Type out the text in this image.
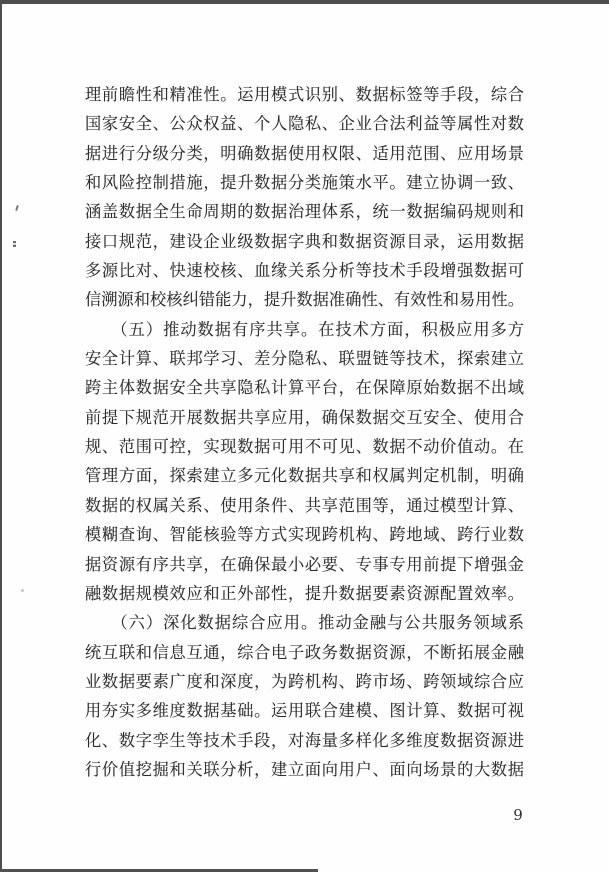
理前瞻性和精准性。运用模式识别、数据标签等手段，综合
国家安全、公众权益、个人隐私、企业合法利益等属性对数
据进行分级分类，明确数据使用权限、适用范围、应用场景
和风险控制措施，提升数据分类施策水平。建立协调一致、
涵盖数据全生命周期的数据治理体系，统一数据编码规则和
接口规范，建设企业级数据字典和数据资源目录，运用数据
多源比对、快速校核、血缘关系分析等技术手段增强数据可
信溯源和校核纠错能力，提升数据准确性、有效性和易用性。
　　（五）推动数据有序共享。在技术方面，积极应用多方
安全计算、联邦学习、差分隐私、联盟链等技术，探索建立
跨主体数据安全共享隐私计算平台，在保障原始数据不出域
前提下规范开展数据共享应用，确保数据交互安全、使用合
规、范围可控，实现数据可用不可见、数据不动价值动。在
管理方面，探索建立多元化数据共享和权属判定机制，明确
数据的权属关系、使用条件、共享范围等，通过模型计算、
模糊查询、智能核验等方式实现跨机构、跨地域、跨行业数
据资源有序共享，在确保最小必要、专事专用前提下增强金
融数据规模效应和正外部性，提升数据要素资源配置效率。
　　（六）深化数据综合应用。推动金融与公共服务领域系
统互联和信息互通，综合电子政务数据资源，不断拓展金融
业数据要素广度和深度，为跨机构、跨市场、跨领域综合应
用夯实多维度数据基础。运用联合建模、图计算、数据可视
化、数字孪生等技术手段，对海量多样化多维度数据资源进
行价值挖掘和关联分析，建立面向用户、面向场景的大数据
9
